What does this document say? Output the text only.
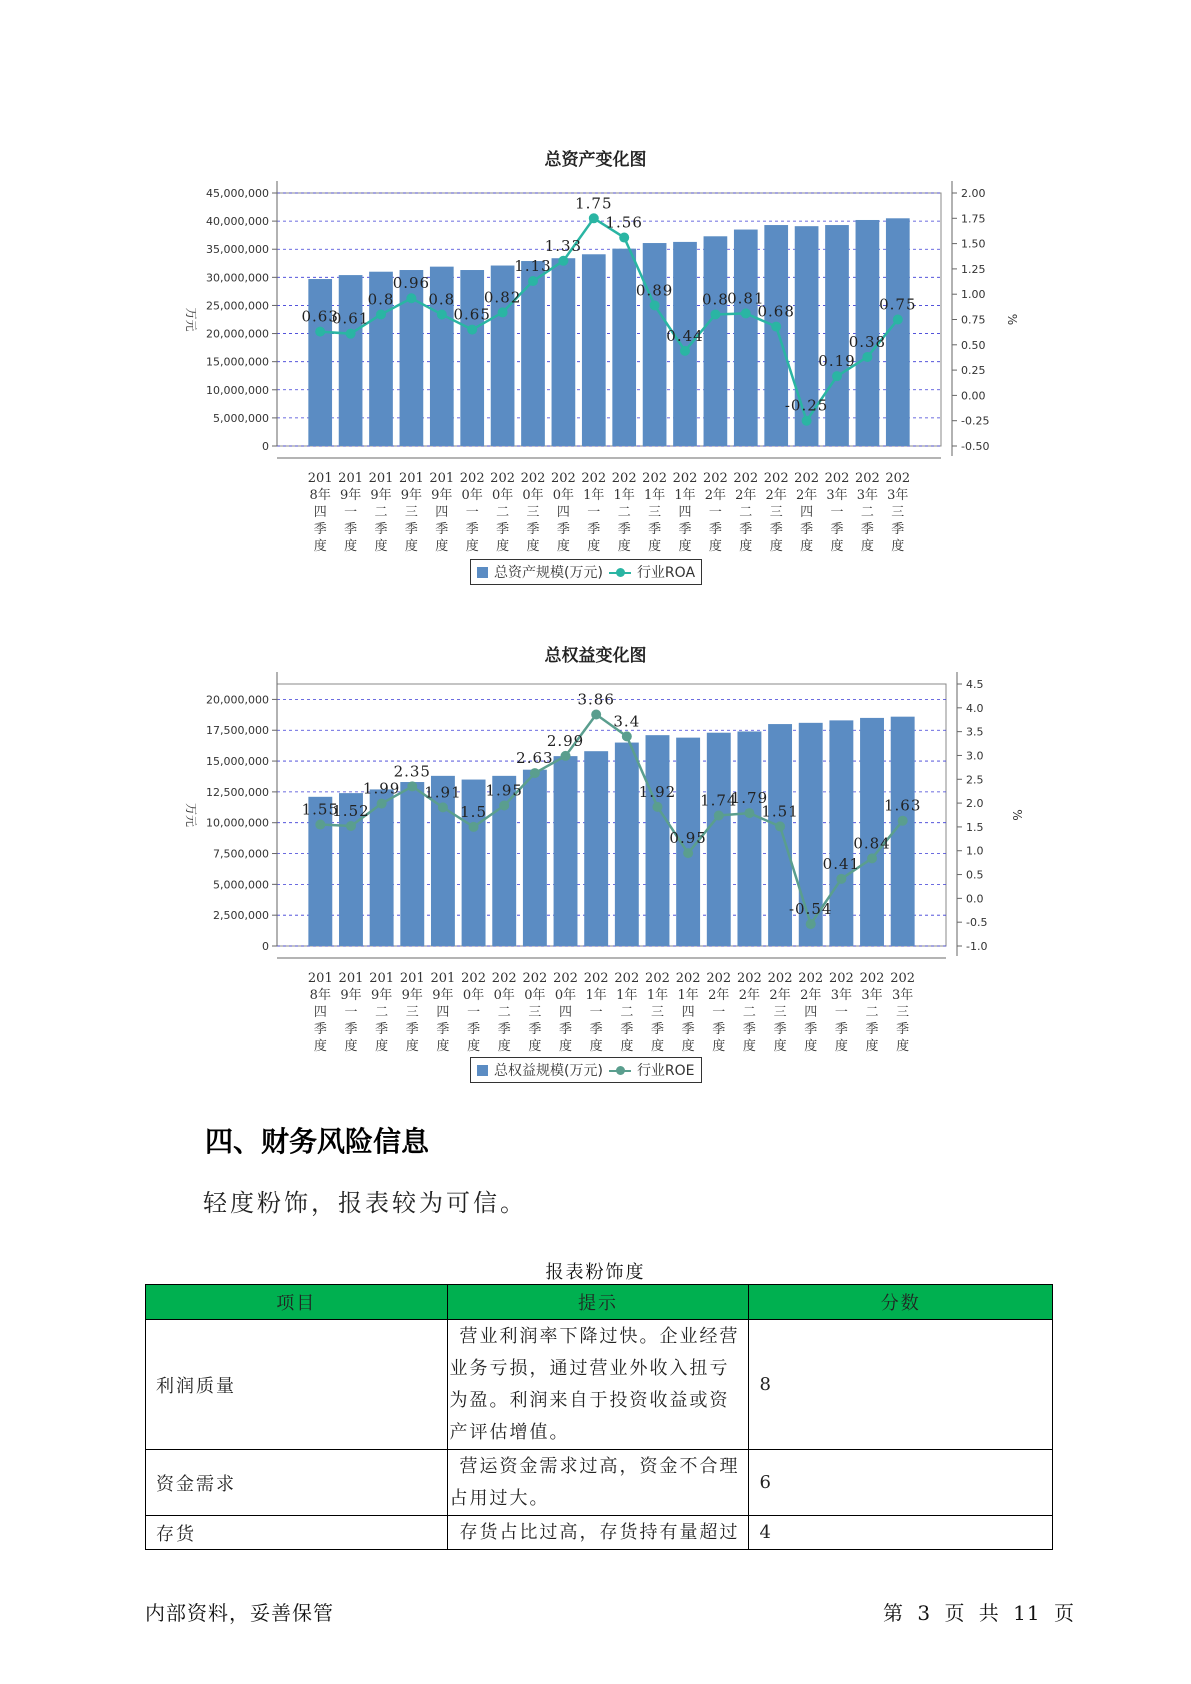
总资产变化图
0
5,000,000
10,000,000
15,000,000
20,000,000
25,000,000
30,000,000
35,000,000
40,000,000
45,000,000
-0.50
-0.25
0.00
0.25
0.50
0.75
1.00
1.25
1.50
1.75
2.00
万元	%
201 8年四季度
201 9年一季度
201 9年二季度
201 9年三季度
201 9年四季度
202 0年一季度
202 0年二季度
202 0年三季度
202 0年四季度
202 1年一季度
202 1年二季度
202 1年三季度
202 1年四季度
202 2年一季度
202 2年二季度
202 2年三季度
202 2年四季度
202 3年一季度
202 3年二季度
202 3年三季度
0.63
0.61
0.8
0.96
0.8
0.65
0.82
1.13
1.33
1.75
1.56
0.89
0.44
0.8
0.81
0.68
-0.25
0.19
0.38
0.75
总资产规模(万元) 行业ROA
总权益变化图
0
2,500,000
5,000,000
7,500,000
10,000,000
12,500,000
15,000,000
17,500,000
20,000,000
-1.0
-0.5
0.0
0.5
1.0
1.5
2.0
2.5
3.0
3.5
4.0
4.5
万元	%
201 8年四季度
201 9年一季度
201 9年二季度
201 9年三季度
201 9年四季度
202 0年一季度
202 0年二季度
202 0年三季度
202 0年四季度
202 1年一季度
202 1年二季度
202 1年三季度
202 1年四季度
202 2年一季度
202 2年二季度
202 2年三季度
202 2年四季度
202 3年一季度
202 3年二季度
202 3年三季度
1.55
1.52
1.99
2.35
1.91
1.5
1.95
2.63
2.99
3.86
3.4
1.92
0.95
1.74
1.79
1.51
-0.54
0.41
0.84
1.63
总权益规模(万元) 行业ROE
四、财务风险信息
轻度粉饰，报表较为可信。
报表粉饰度
项目	提示	分数
利润质量	营业利润率下降过快。企业经营业务亏损，通过营业外收入扭亏为盈。利润来自于投资收益或资产评估增值。	8
资金需求	营运资金需求过高，资金不合理占用过大。	6
存货	存货占比过高，存货持有量超过	4
内部资料，妥善保管	第 3 页 共 11 页
